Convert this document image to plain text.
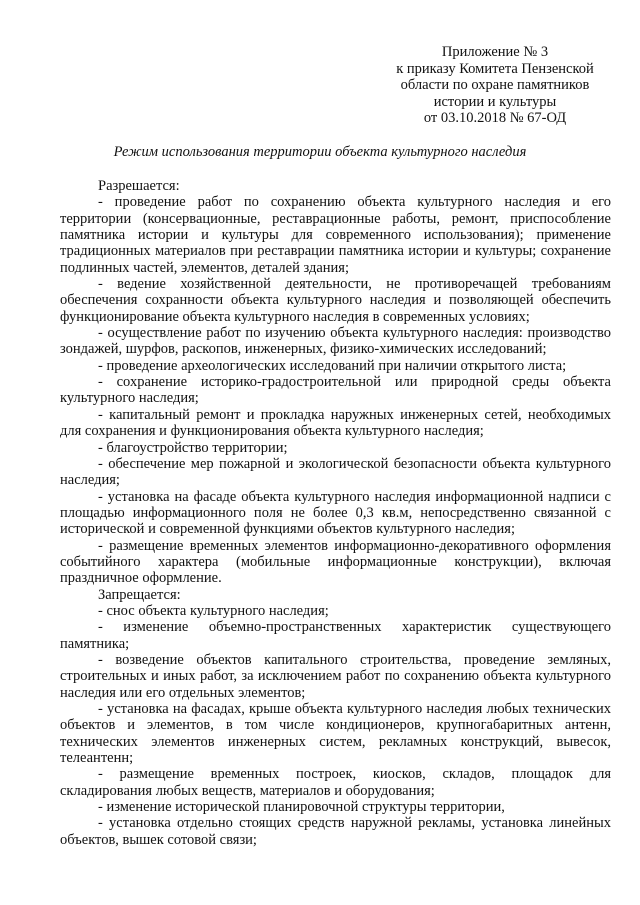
Приложение № 3
к приказу Комитета Пензенской
области по охране памятников
истории и культуры
от 03.10.2018 № 67-ОД
Режим использования территории объекта культурного наследия

Разрешается:

- проведение работ по сохранению объекта культурного наследия и его территории (консервационные, реставрационные работы, ремонт, приспособление памятника истории и культуры для современного использования); применение традиционных материалов при реставрации памятника истории и культуры; сохранение подлинных частей, элементов, деталей здания;

- ведение хозяйственной деятельности, не противоречащей требованиям обеспечения сохранности объекта культурного наследия и позволяющей обеспечить функционирование объекта культурного наследия в современных условиях;

- осуществление работ по изучению объекта культурного наследия: производство зондажей, шурфов, раскопов, инженерных, физико-химических исследований;

- проведение археологических исследований при наличии открытого листа;

- сохранение историко-градостроительной или природной среды объекта культурного наследия;

- капитальный ремонт и прокладка наружных инженерных сетей, необходимых для сохранения и функционирования объекта культурного наследия;

- благоустройство территории;

- обеспечение мер пожарной и экологической безопасности объекта культурного наследия;

- установка на фасаде объекта культурного наследия информационной надписи с площадью информационного поля не более 0,3 кв.м, непосредственно связанной с исторической и современной функциями объектов культурного наследия;

- размещение временных элементов информационно-декоративного оформления событийного характера (мобильные информационные конструкции), включая праздничное оформление.

Запрещается:

- снос объекта культурного наследия;

- изменение объемно-пространственных характеристик существующего памятника;

- возведение объектов капитального строительства, проведение земляных, строительных и иных работ, за исключением работ по сохранению объекта культурного наследия или его отдельных элементов;

- установка на фасадах, крыше объекта культурного наследия любых технических объектов и элементов, в том числе кондиционеров, крупногабаритных антенн, технических элементов инженерных систем, рекламных конструкций, вывесок, телеантенн;

- размещение временных построек, киосков, складов, площадок для складирования любых веществ, материалов и оборудования;

- изменение исторической планировочной структуры территории,

- установка отдельно стоящих средств наружной рекламы, установка линейных объектов, вышек сотовой связи;
